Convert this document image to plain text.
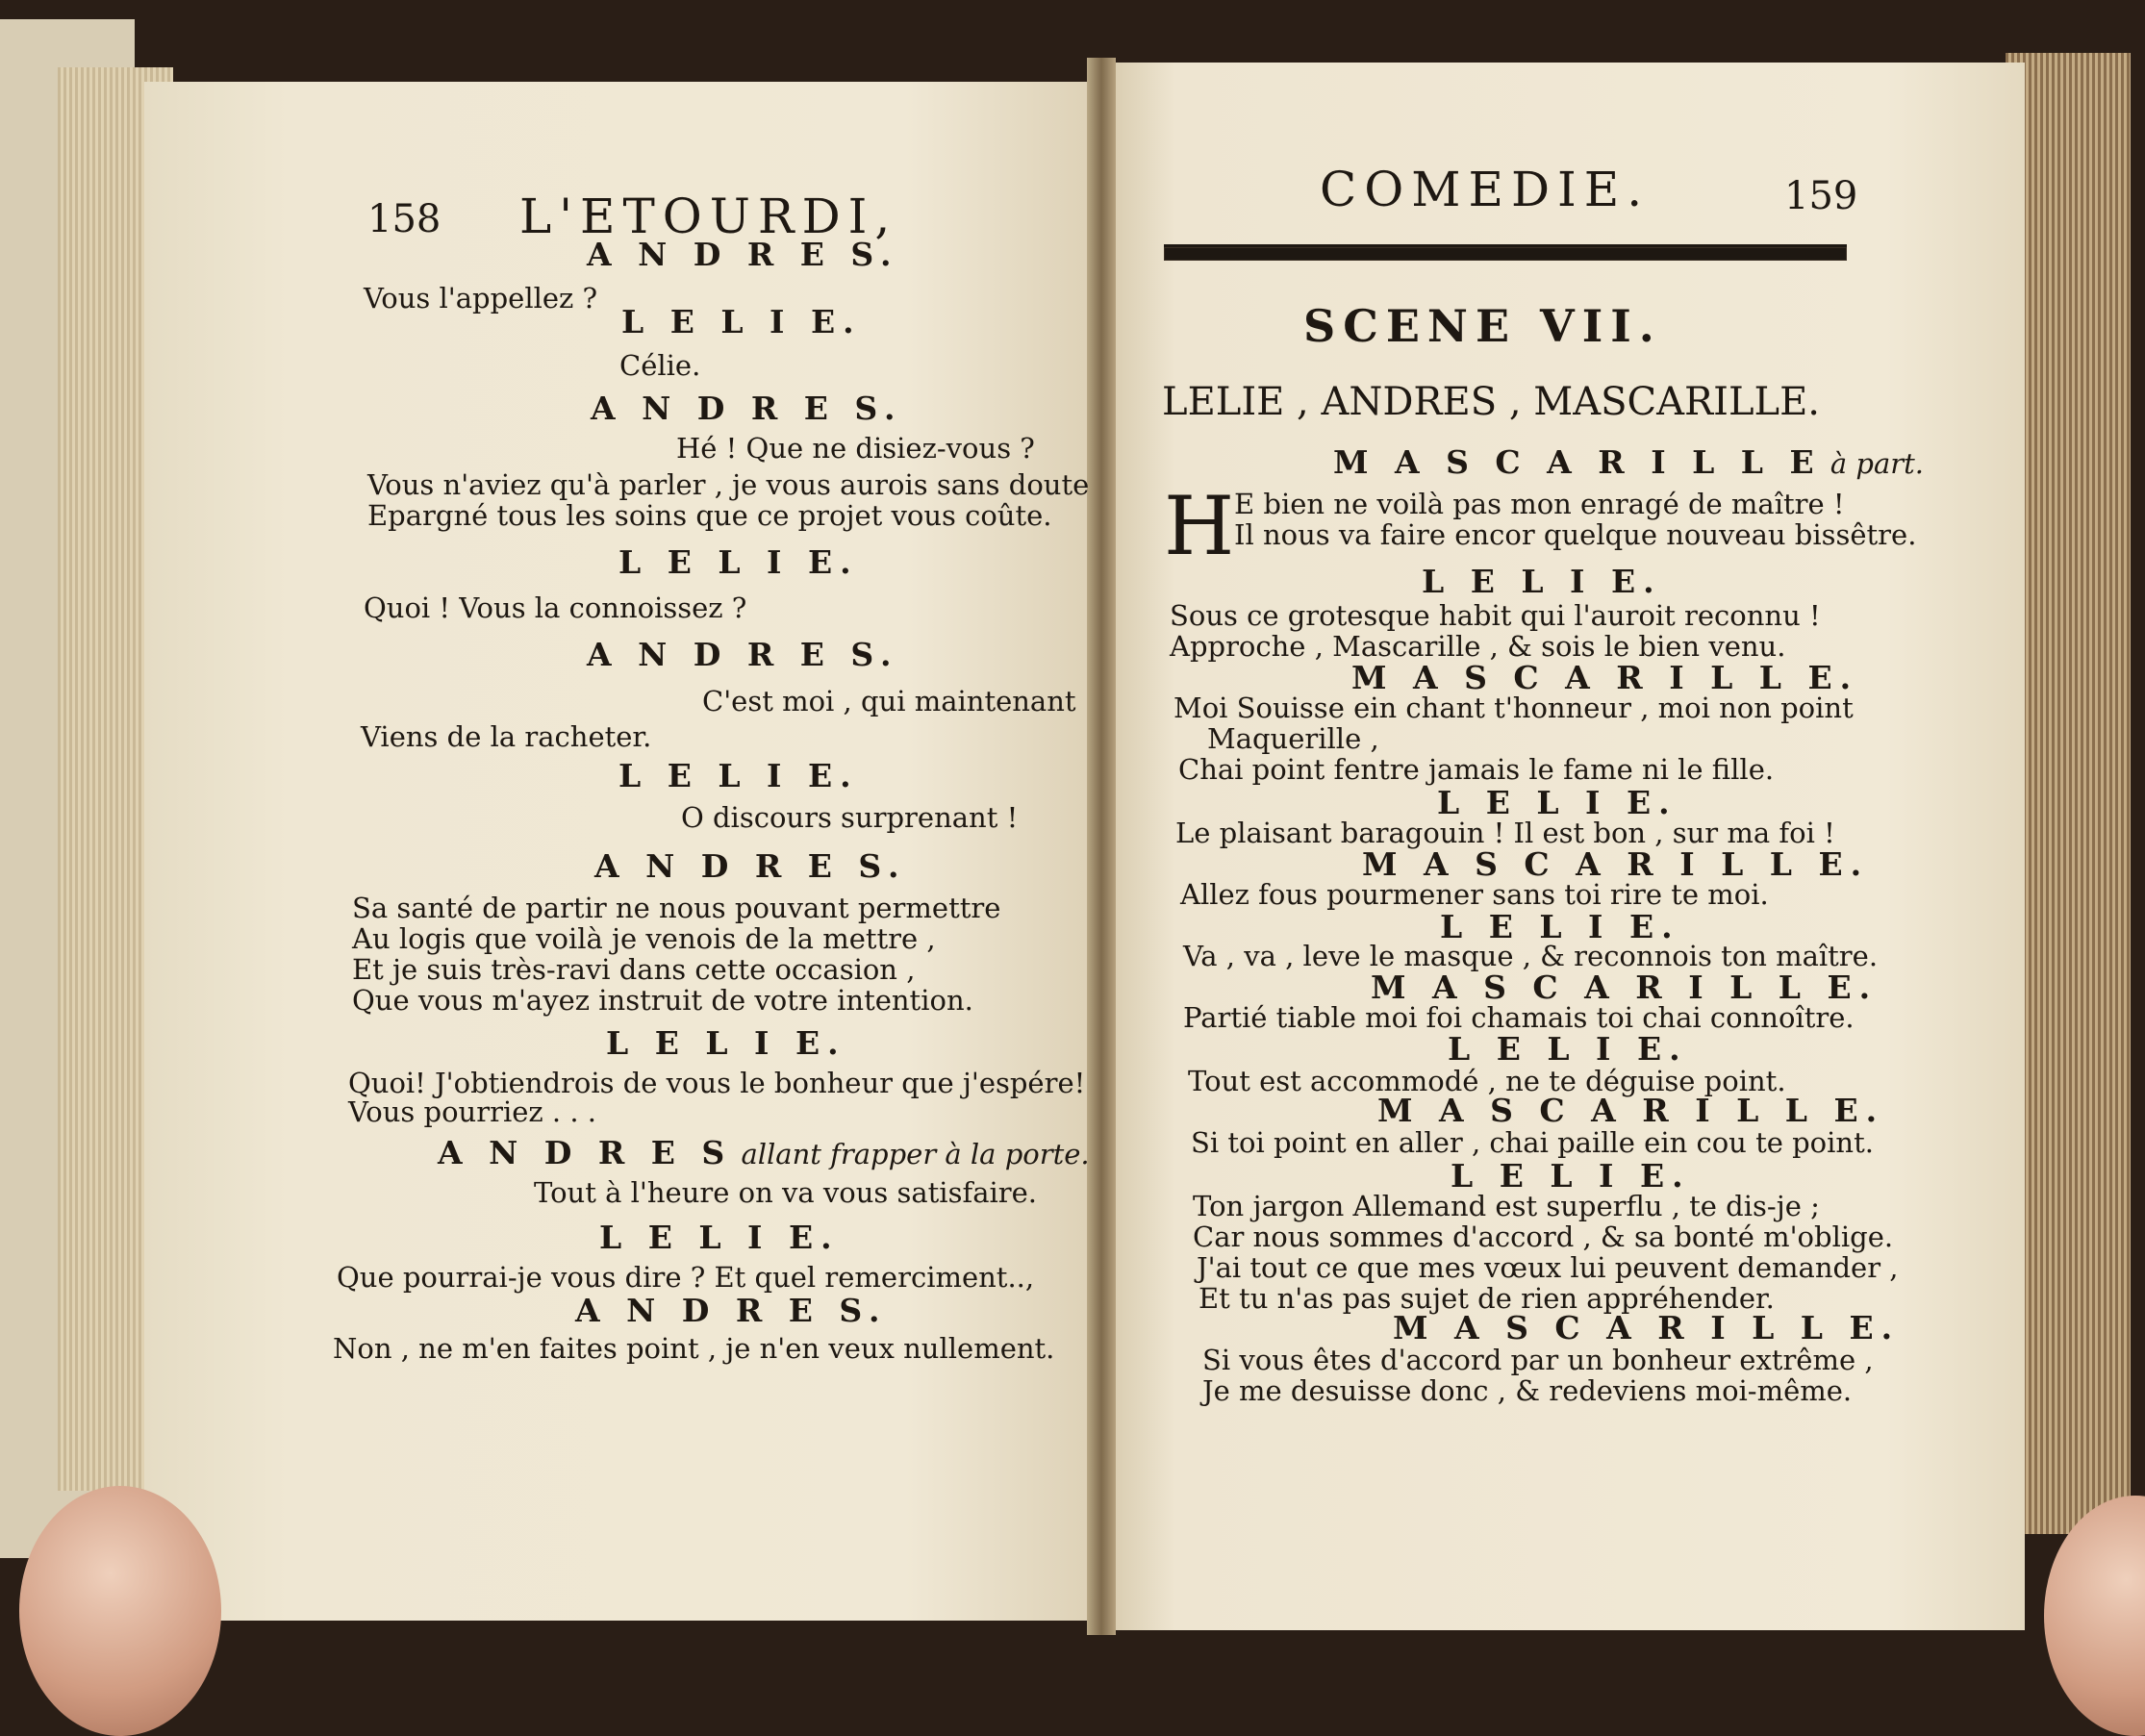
158 L'ETOURDI,	COMEDIE.	159
SCENE VII.
LELIE , ANDRES , MASCARILLE.
H
A N D R E S.
Vous l'appellez ?
L E L I E.
Célie.
A N D R E S.
Hé ! Que ne disiez-vous ?
Vous n'aviez qu'à parler , je vous aurois sans doute
Epargné tous les soins que ce projet vous coûte.
L E L I E.
Quoi ! Vous la connoissez ?
A N D R E S.
C'est moi , qui maintenant
Viens de la racheter.
L E L I E.
O discours surprenant !
A N D R E S.
Sa santé de partir ne nous pouvant permettre
Au logis que voilà je venois de la mettre ,
Et je suis très-ravi dans cette occasion ,
Que vous m'ayez instruit de votre intention.
L E L I E.
Quoi! J'obtiendrois de vous le bonheur que j'espére!
Vous pourriez . . .
A N D R E S allant frapper à la porte.
Tout à l'heure on va vous satisfaire.
L E L I E.
Que pourrai-je vous dire ? Et quel remerciment..,
A N D R E S.
Non , ne m'en faites point , je n'en veux nullement.
M A S C A R I L L E à part.
E bien ne voilà pas mon enragé de maître !
Il nous va faire encor quelque nouveau bissêtre.
L E L I E.
Sous ce grotesque habit qui l'auroit reconnu !
Approche , Mascarille , & sois le bien venu.
M A S C A R I L L E.
Moi Souisse ein chant t'honneur , moi non point
Maquerille ,
Chai point fentre jamais le fame ni le fille.
L E L I E.
Le plaisant baragouin ! Il est bon , sur ma foi !
M A S C A R I L L E.
Allez fous pourmener sans toi rire te moi.
L E L I E.
Va , va , leve le masque , & reconnois ton maître.
M A S C A R I L L E.
Partié tiable moi foi chamais toi chai connoître.
L E L I E.
Tout est accommodé , ne te déguise point.
M A S C A R I L L E.
Si toi point en aller , chai paille ein cou te point.
L E L I E.
Ton jargon Allemand est superflu , te dis-je ;
Car nous sommes d'accord , & sa bonté m'oblige.
J'ai tout ce que mes vœux lui peuvent demander ,
Et tu n'as pas sujet de rien appréhender.
M A S C A R I L L E.
Si vous êtes d'accord par un bonheur extrême ,
Je me desuisse donc , & redeviens moi-même.
